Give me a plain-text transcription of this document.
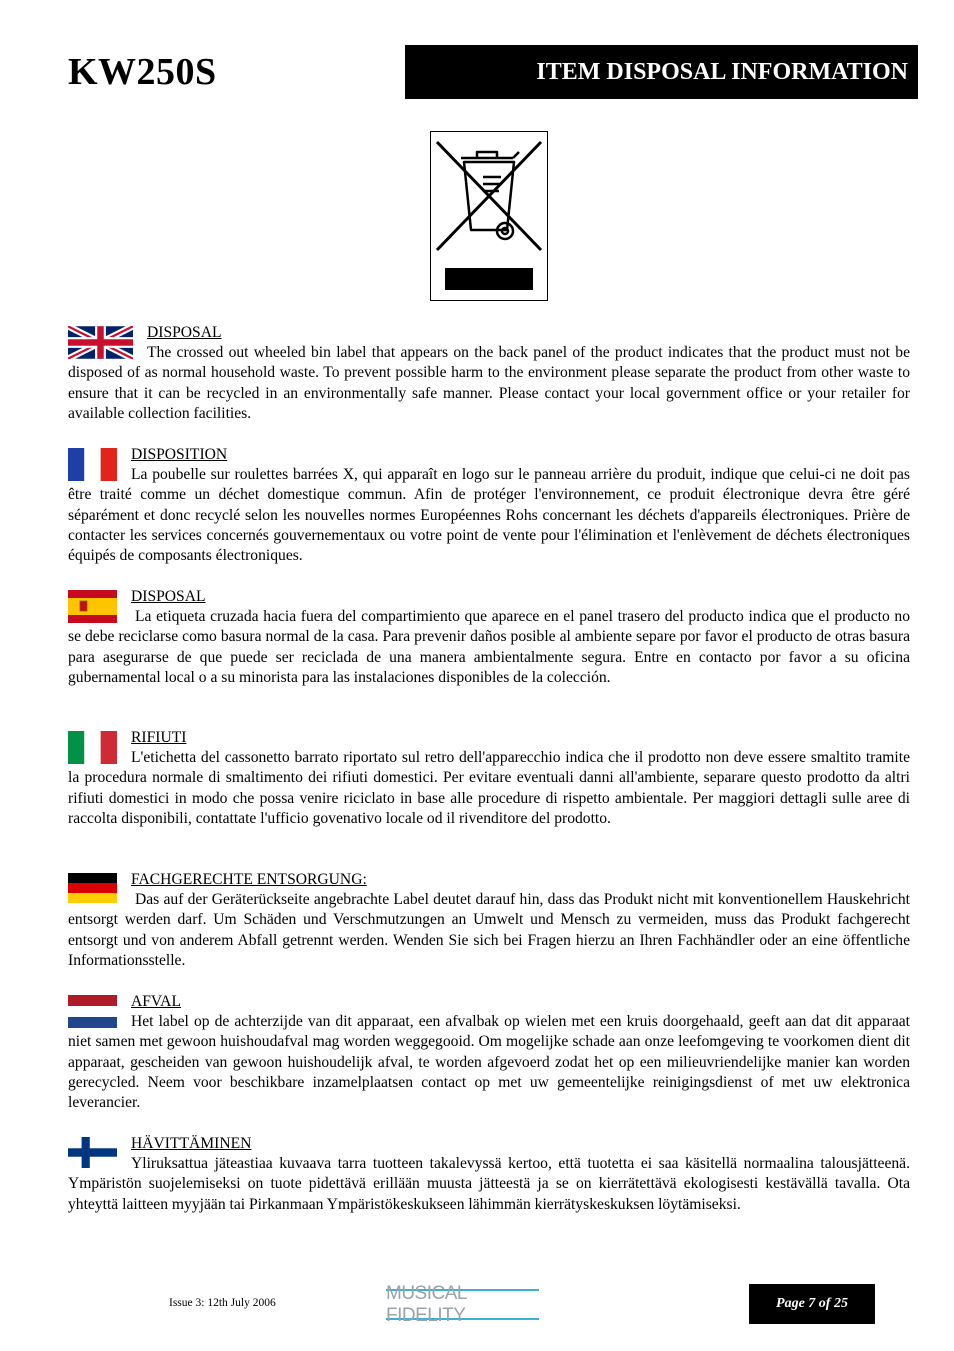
KW250S	ITEM DISPOSAL INFORMATION
DISPOSAL

The crossed out wheeled bin label that appears on the back panel of the product indicates that the product must not be disposed of as normal household waste. To prevent possible harm to the environment please separate the product from other waste to ensure that it can be recycled in an environmentally safe manner. Please contact your local government office or your retailer for available collection facilities.

DISPOSITION

La poubelle sur roulettes barrées X, qui apparaît en logo sur le panneau arrière du produit, indique que celui-ci ne doit pas être traité comme un déchet domestique commun. Afin de protéger l'environnement, ce produit électronique devra être géré séparément et donc recyclé selon les nouvelles normes Européennes Rohs concernant les déchets d'appareils électroniques. Prière de contacter les services concernés gouvernementaux ou votre point de vente pour l'élimination et l'enlèvement de déchets électroniques équipés de composants électroniques.

DISPOSAL

La etiqueta cruzada hacia fuera del compartimiento que aparece en el panel trasero del producto indica que el producto no se debe reciclarse como basura normal de la casa. Para prevenir daños posible al ambiente separe por favor el producto de otras basura para asegurarse de que puede ser reciclada de una manera ambientalmente segura. Entre en contacto por favor a su oficina gubernamental local o a su minorista para las instalaciones disponibles de la colección.

RIFIUTI

L'etichetta del cassonetto barrato riportato sul retro dell'apparecchio indica che il prodotto non deve essere smaltito tramite la procedura normale di smaltimento dei rifiuti domestici. Per evitare eventuali danni all'ambiente, separare questo prodotto da altri rifiuti domestici in modo che possa venire riciclato in base alle procedure di rispetto ambientale. Per maggiori dettagli sulle aree di raccolta disponibili, contattate l'ufficio govenativo locale od il rivenditore del prodotto.

FACHGERECHTE ENTSORGUNG:

Das auf der Geräterückseite angebrachte Label deutet darauf hin, dass das Produkt nicht mit konventionellem Hauskehricht entsorgt werden darf. Um Schäden und Verschmutzungen an Umwelt und Mensch zu vermeiden, muss das Produkt fachgerecht entsorgt und von anderem Abfall getrennt werden. Wenden Sie sich bei Fragen hierzu an Ihren Fachhändler oder an eine öffentliche Informationsstelle.

AFVAL

Het label op de achterzijde van dit apparaat, een afvalbak op wielen met een kruis doorgehaald, geeft aan dat dit apparaat niet samen met gewoon huishoudafval mag worden weggegooid. Om mogelijke schade aan onze leefomgeving te voorkomen dient dit apparaat, gescheiden van gewoon huishoudelijk afval, te worden afgevoerd zodat het op een milieuvriendelijke manier kan worden gerecycled. Neem voor beschikbare inzamelplaatsen contact op met uw gemeentelijke reinigingsdienst of met uw elektronica leverancier.

HÄVITTÄMINEN

Yliruksattua jäteastiaa kuvaava tarra tuotteen takalevyssä kertoo, että tuotetta ei saa käsitellä normaalina talousjätteenä. Ympäristön suojelemiseksi on tuote pidettävä erillään muusta jätteestä ja se on kierrätettävä ekologisesti kestävällä tavalla. Ota yhteyttä laitteen myyjään tai Pirkanmaan Ympäristökeskukseen lähimmän kierrätyskeskuksen löytämiseksi.

Issue 3: 12th July 2006	MUSICAL FIDELITY
Page 7 of 25
